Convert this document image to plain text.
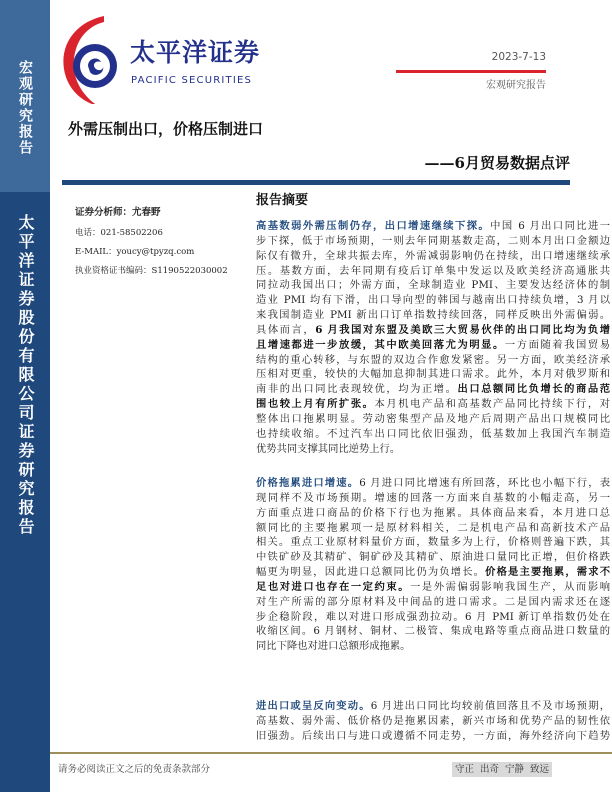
宏观研究报告
太平洋证券股份有限公司证券研究报告
太平洋证券
PACIFIC SECURITIES
2023-7-13
宏观研究报告
外需压制出口，价格压制进口
——6月贸易数据点评
证券分析师：尤春野
电话：021-58502206
E-MAIL：youcy@tpyzq.com
执业资格证书编码：S1190522030002
报告摘要
高基数弱外需压制仍存，出口增速继续下探。中国 6 月出口同比进一
步下探，低于市场预期，一则去年同期基数走高，二则本月出口金额边
际仅有微升，全球共振去库，外需减弱影响仍在持续，出口增速继续承
压。基数方面，去年同期有疫后订单集中发运以及欧美经济高通胀共
同拉动我国出口；外需方面，全球制造业 PMI、主要发达经济体的制
造业 PMI 均有下滑，出口导向型的韩国与越南出口持续负增，3 月以
来我国制造业 PMI 新出口订单指数持续回落，同样反映出外需偏弱。
具体而言，6 月我国对东盟及美欧三大贸易伙伴的出口同比均为负增
且增速都进一步放缓，其中欧美回落尤为明显。一方面随着我国贸易
结构的重心转移，与东盟的双边合作愈发紧密。另一方面，欧美经济承
压相对更重，较快的大幅加息抑制其进口需求。此外，本月对俄罗斯和
南非的出口同比表现较优，均为正增。出口总额同比负增长的商品范
围也较上月有所扩张。本月机电产品和高基数产品同比持续下行，对
整体出口拖累明显。劳动密集型产品及地产后周期产品出口规模同比
也持续收缩。不过汽车出口同比依旧强劲，低基数加上我国汽车制造
优势共同支撑其同比逆势上行。
价格拖累进口增速。6 月进口同比增速有所回落，环比也小幅下行，表
现同样不及市场预期。增速的回落一方面来自基数的小幅走高，另一
方面重点进口商品的价格下行也为拖累。具体商品来看，本月进口总
额同比的主要拖累项一是原材料相关，二是机电产品和高新技术产品
相关。重点工业原材料量价方面，数量多为上行，价格则普遍下跌，其
中铁矿砂及其精矿、铜矿砂及其精矿、原油进口量同比正增，但价格跌
幅更为明显，因此进口总额同比仍为负增长。价格是主要拖累，需求不
足也对进口也存在一定约束。一是外需偏弱影响我国生产，从而影响
对生产所需的部分原材料及中间品的进口需求。二是国内需求还在逐
步企稳阶段，难以对进口形成强劲拉动。6 月 PMI 新订单指数仍处在
收缩区间。6 月钢材、铜材、二极管、集成电路等重点商品进口数量的
同比下降也对进口总额形成拖累。
进出口或呈反向变动。6 月进出口同比均较前值回落且不及市场预期，
高基数、弱外需、低价格仍是拖累因素，新兴市场和优势产品的韧性依
旧强劲。后续出口与进口或遵循不同走势，一方面，海外经济向下趋势
请务必阅读正文之后的免责条款部分	守正 出奇 宁静 致远
